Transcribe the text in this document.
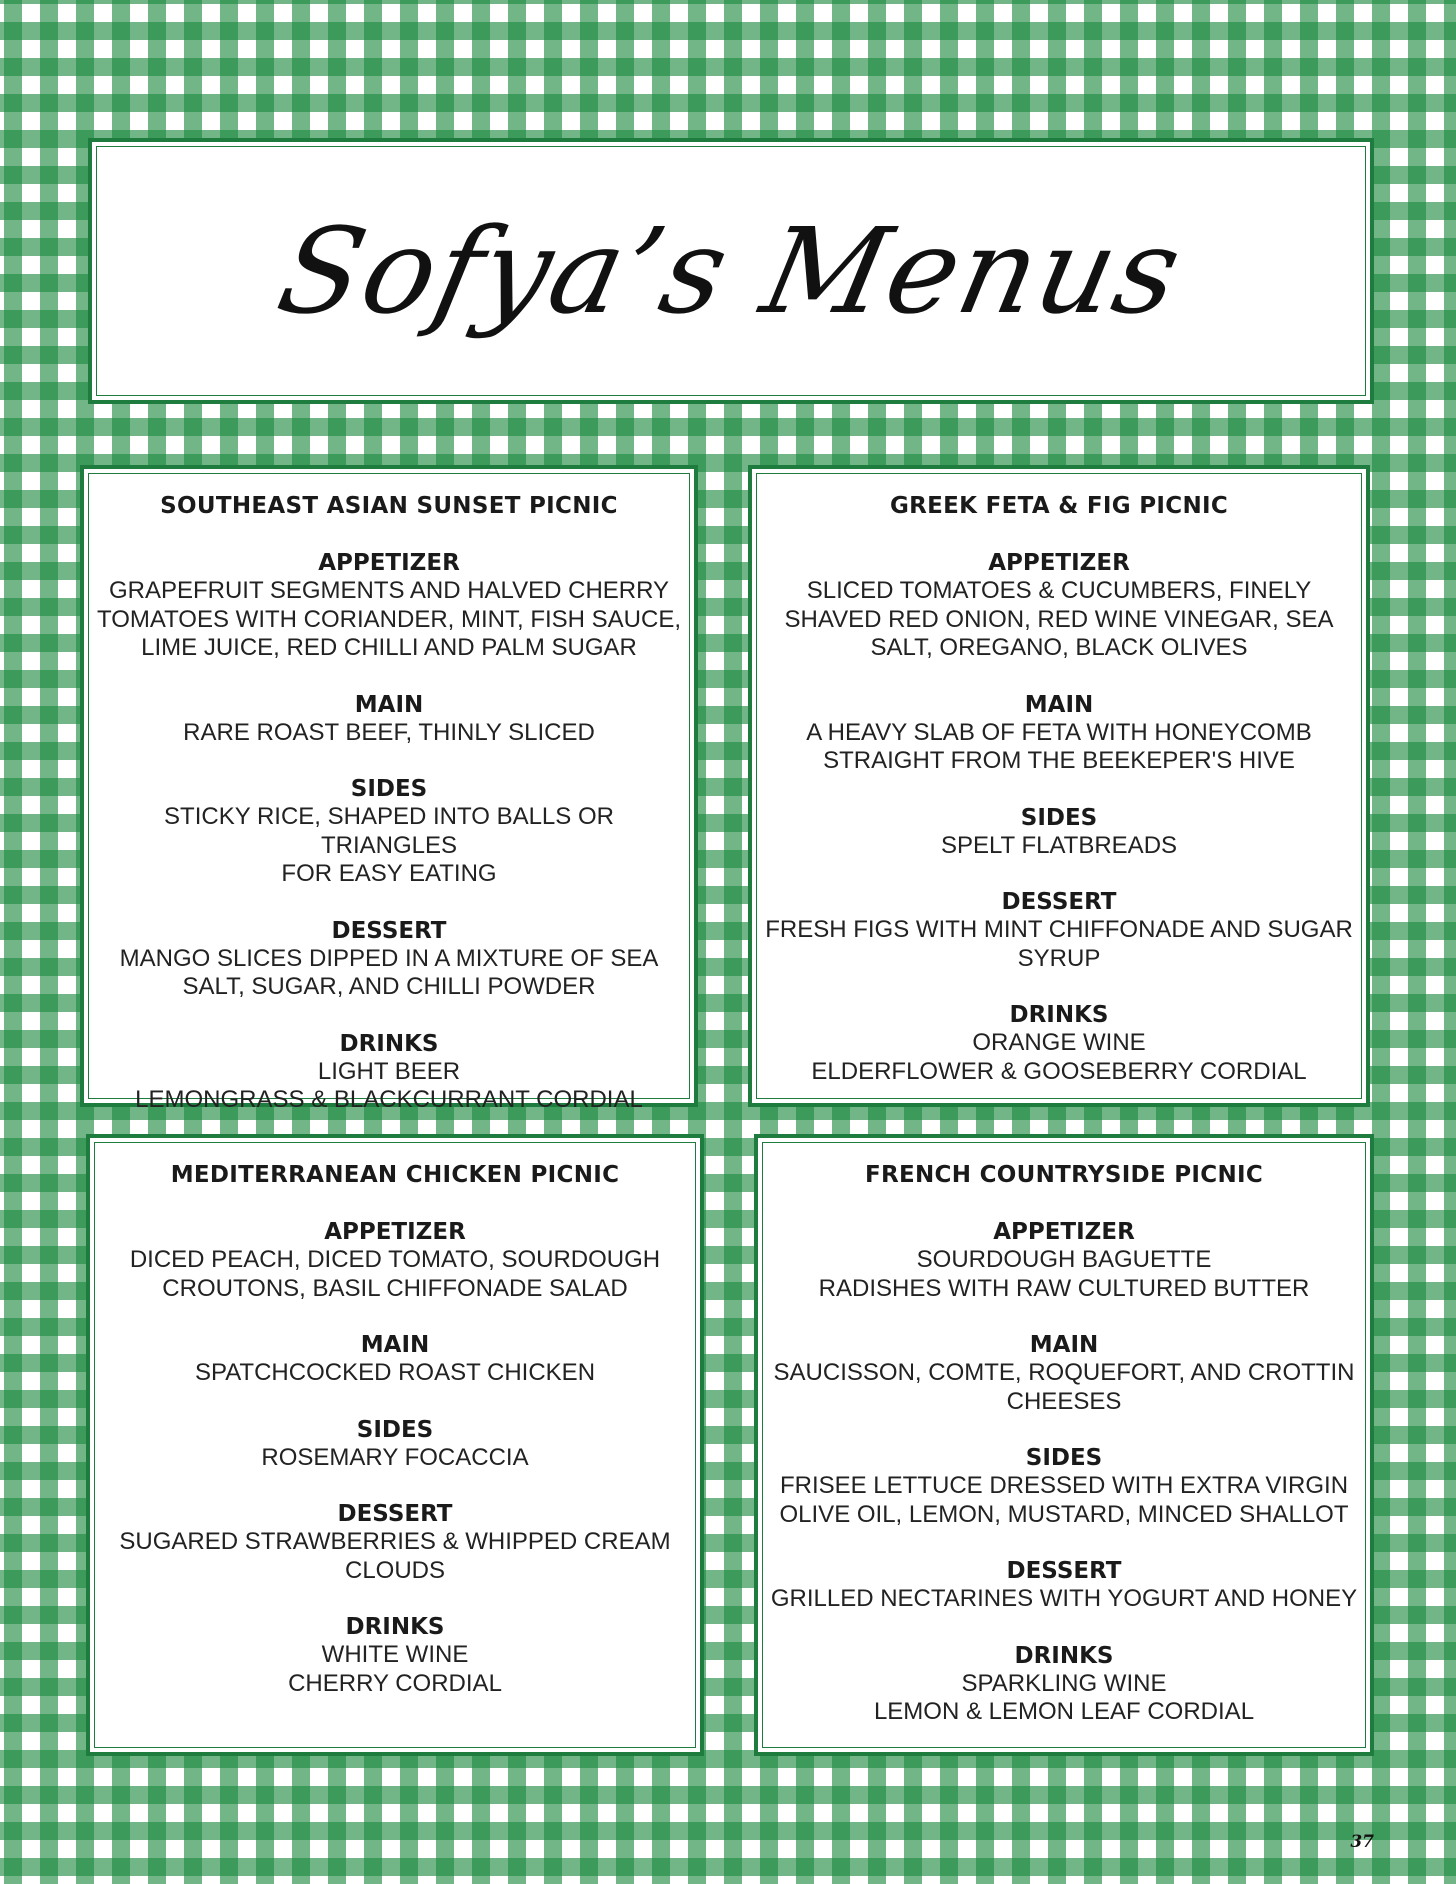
Sofya’s Menus
SOUTHEAST ASIAN SUNSET PICNIC
APPETIZER
GRAPEFRUIT SEGMENTS AND HALVED CHERRY
TOMATOES WITH CORIANDER, MINT, FISH SAUCE,
LIME JUICE, RED CHILLI AND PALM SUGAR
MAIN
RARE ROAST BEEF, THINLY SLICED
SIDES
STICKY RICE, SHAPED INTO BALLS OR TRIANGLES
FOR EASY EATING
DESSERT
MANGO SLICES DIPPED IN A MIXTURE OF SEA
SALT, SUGAR, AND CHILLI POWDER
DRINKS
LIGHT BEER
LEMONGRASS & BLACKCURRANT CORDIAL
GREEK FETA & FIG PICNIC
APPETIZER
SLICED TOMATOES & CUCUMBERS, FINELY
SHAVED RED ONION, RED WINE VINEGAR, SEA
SALT, OREGANO, BLACK OLIVES
MAIN
A HEAVY SLAB OF FETA WITH HONEYCOMB
STRAIGHT FROM THE BEEKEPER'S HIVE
SIDES
SPELT FLATBREADS
DESSERT
FRESH FIGS WITH MINT CHIFFONADE AND SUGAR
SYRUP
DRINKS
ORANGE WINE
ELDERFLOWER & GOOSEBERRY CORDIAL
MEDITERRANEAN CHICKEN PICNIC
APPETIZER
DICED PEACH, DICED TOMATO, SOURDOUGH
CROUTONS, BASIL CHIFFONADE SALAD
MAIN
SPATCHCOCKED ROAST CHICKEN
SIDES
ROSEMARY FOCACCIA
DESSERT
SUGARED STRAWBERRIES & WHIPPED CREAM
CLOUDS
DRINKS
WHITE WINE
CHERRY CORDIAL
FRENCH COUNTRYSIDE PICNIC
APPETIZER
SOURDOUGH BAGUETTE
RADISHES WITH RAW CULTURED BUTTER
MAIN
SAUCISSON, COMTE, ROQUEFORT, AND CROTTIN
CHEESES
SIDES
FRISEE LETTUCE DRESSED WITH EXTRA VIRGIN
OLIVE OIL, LEMON, MUSTARD, MINCED SHALLOT
DESSERT
GRILLED NECTARINES WITH YOGURT AND HONEY
DRINKS
SPARKLING WINE
LEMON & LEMON LEAF CORDIAL
37
